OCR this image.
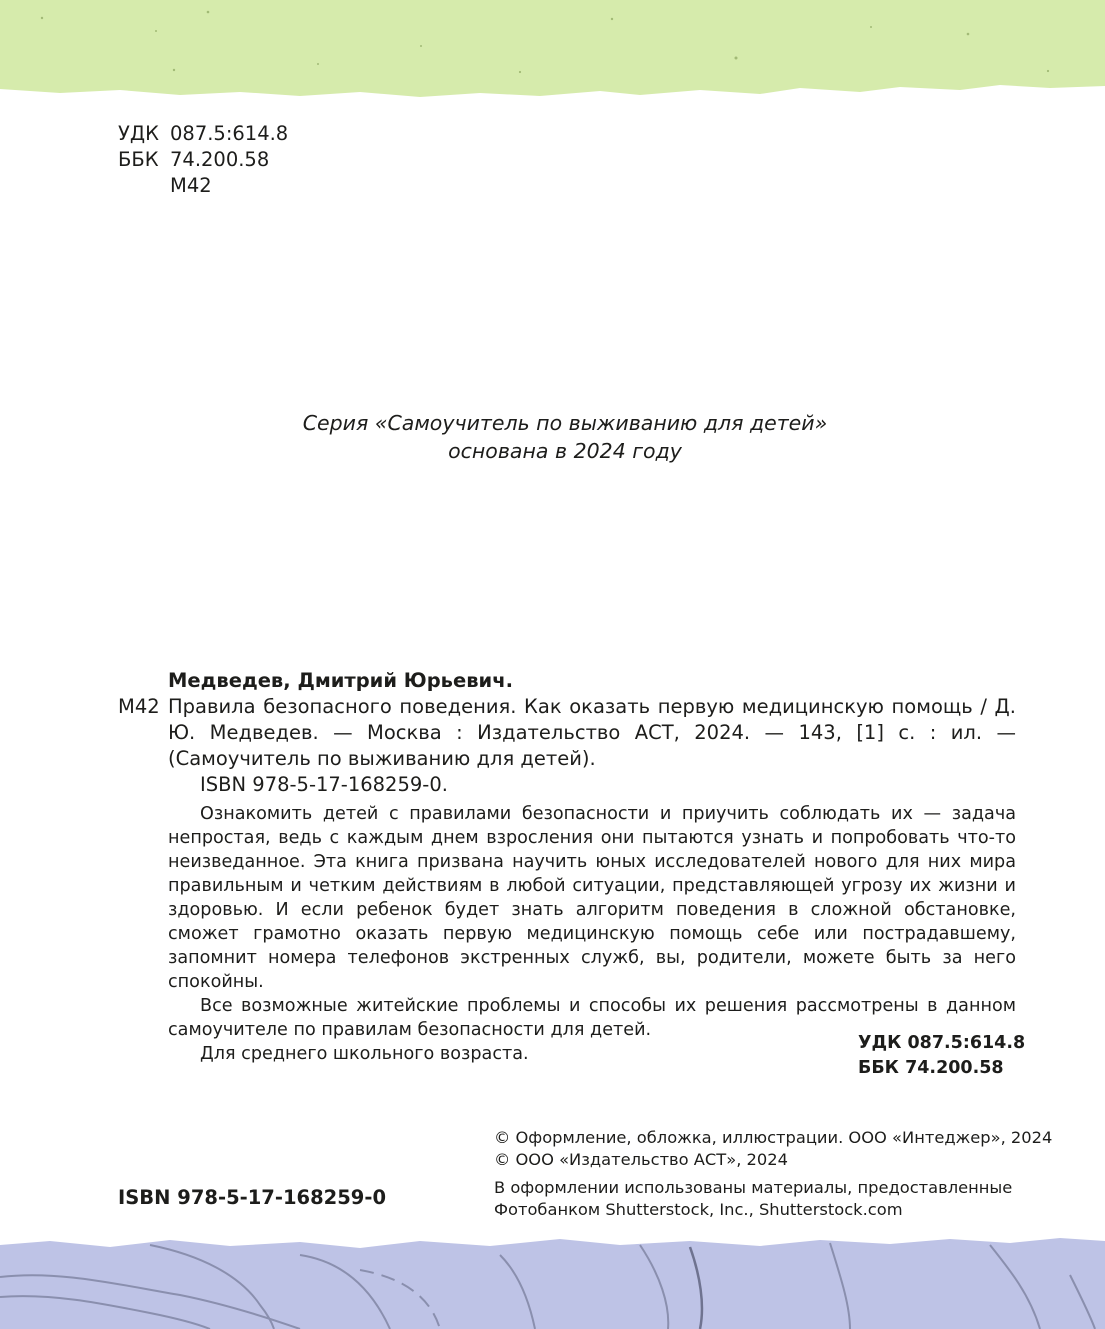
УДК 087.5:614.8
ББК 74.200.58
М42
Серия «Самоучитель по выживанию для детей»
основана в 2024 году
Медведев, Дмитрий Юрьевич.
М42 Правила безопасного поведения. Как оказать первую медицинскую помощь / Д. Ю. Медведев. — Москва : Издательство АСТ, 2024. — 143, [1] с. : ил. — (Самоучитель по выживанию для детей).
ISBN 978-5-17-168259-0.

Ознакомить детей с правилами безопасности и приучить соблюдать их — задача непростая, ведь с каждым днем взросления они пытаются узнать и попробовать что-то неизведанное. Эта книга призвана научить юных исследователей нового для них мира правильным и четким действиям в любой ситуации, представляющей угрозу их жизни и здоровью. И если ребенок будет знать алгоритм поведения в сложной обстановке, сможет грамотно оказать первую медицинскую помощь себе или пострадавшему, запомнит номера телефонов экстренных служб, вы, родители, можете быть за него спокойны.

Все возможные житейские проблемы и способы их решения рассмотрены в данном самоучителе по правилам безопасности для детей.

Для среднего школьного возраста.

УДК 087.5:614.8
ББК 74.200.58
© Оформление, обложка, иллюстрации. ООО «Интеджер», 2024
© ООО «Издательство АСТ», 2024
В оформлении использованы материалы, предоставленные
Фотобанком Shutterstock, Inc., Shutterstock.com
ISBN 978-5-17-168259-0
